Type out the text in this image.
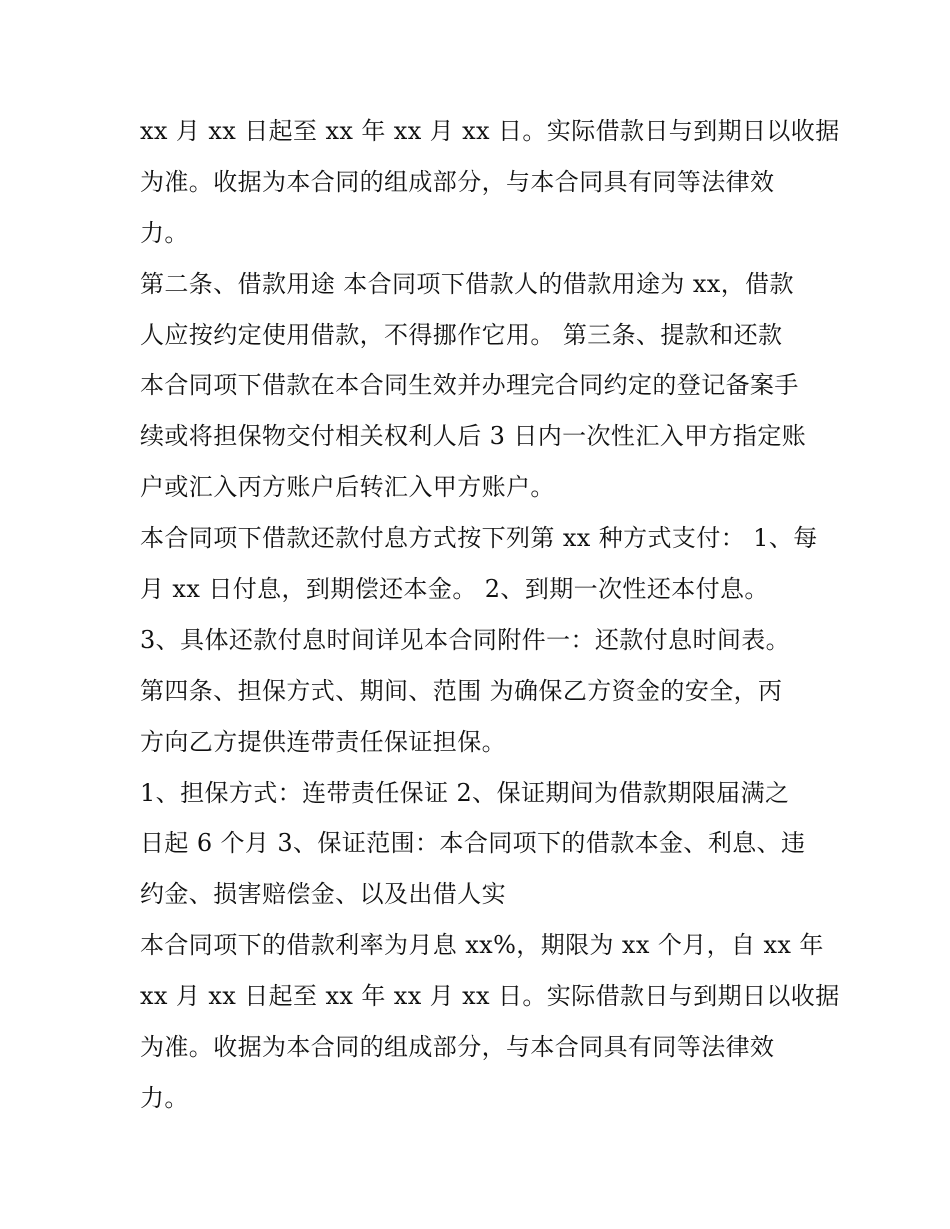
xx 月 xx 日起至 xx 年 xx 月 xx 日。实际借款日与到期日以收据
为准。收据为本合同的组成部分，与本合同具有同等法律效
力。
第二条、借款用途 本合同项下借款人的借款用途为 xx，借款
人应按约定使用借款，不得挪作它用。 第三条、提款和还款
本合同项下借款在本合同生效并办理完合同约定的登记备案手
续或将担保物交付相关权利人后 3 日内一次性汇入甲方指定账
户或汇入丙方账户后转汇入甲方账户。
本合同项下借款还款付息方式按下列第 xx 种方式支付： 1、每
月 xx 日付息，到期偿还本金。 2、到期一次性还本付息。
3、具体还款付息时间详见本合同附件一：还款付息时间表。
第四条、担保方式、期间、范围 为确保乙方资金的安全，丙
方向乙方提供连带责任保证担保。
1、担保方式：连带责任保证 2、保证期间为借款期限届满之
日起 6 个月 3、保证范围：本合同项下的借款本金、利息、违
约金、损害赔偿金、以及出借人实
本合同项下的借款利率为月息 xx%，期限为 xx 个月，自 xx 年
xx 月 xx 日起至 xx 年 xx 月 xx 日。实际借款日与到期日以收据
为准。收据为本合同的组成部分，与本合同具有同等法律效
力。
